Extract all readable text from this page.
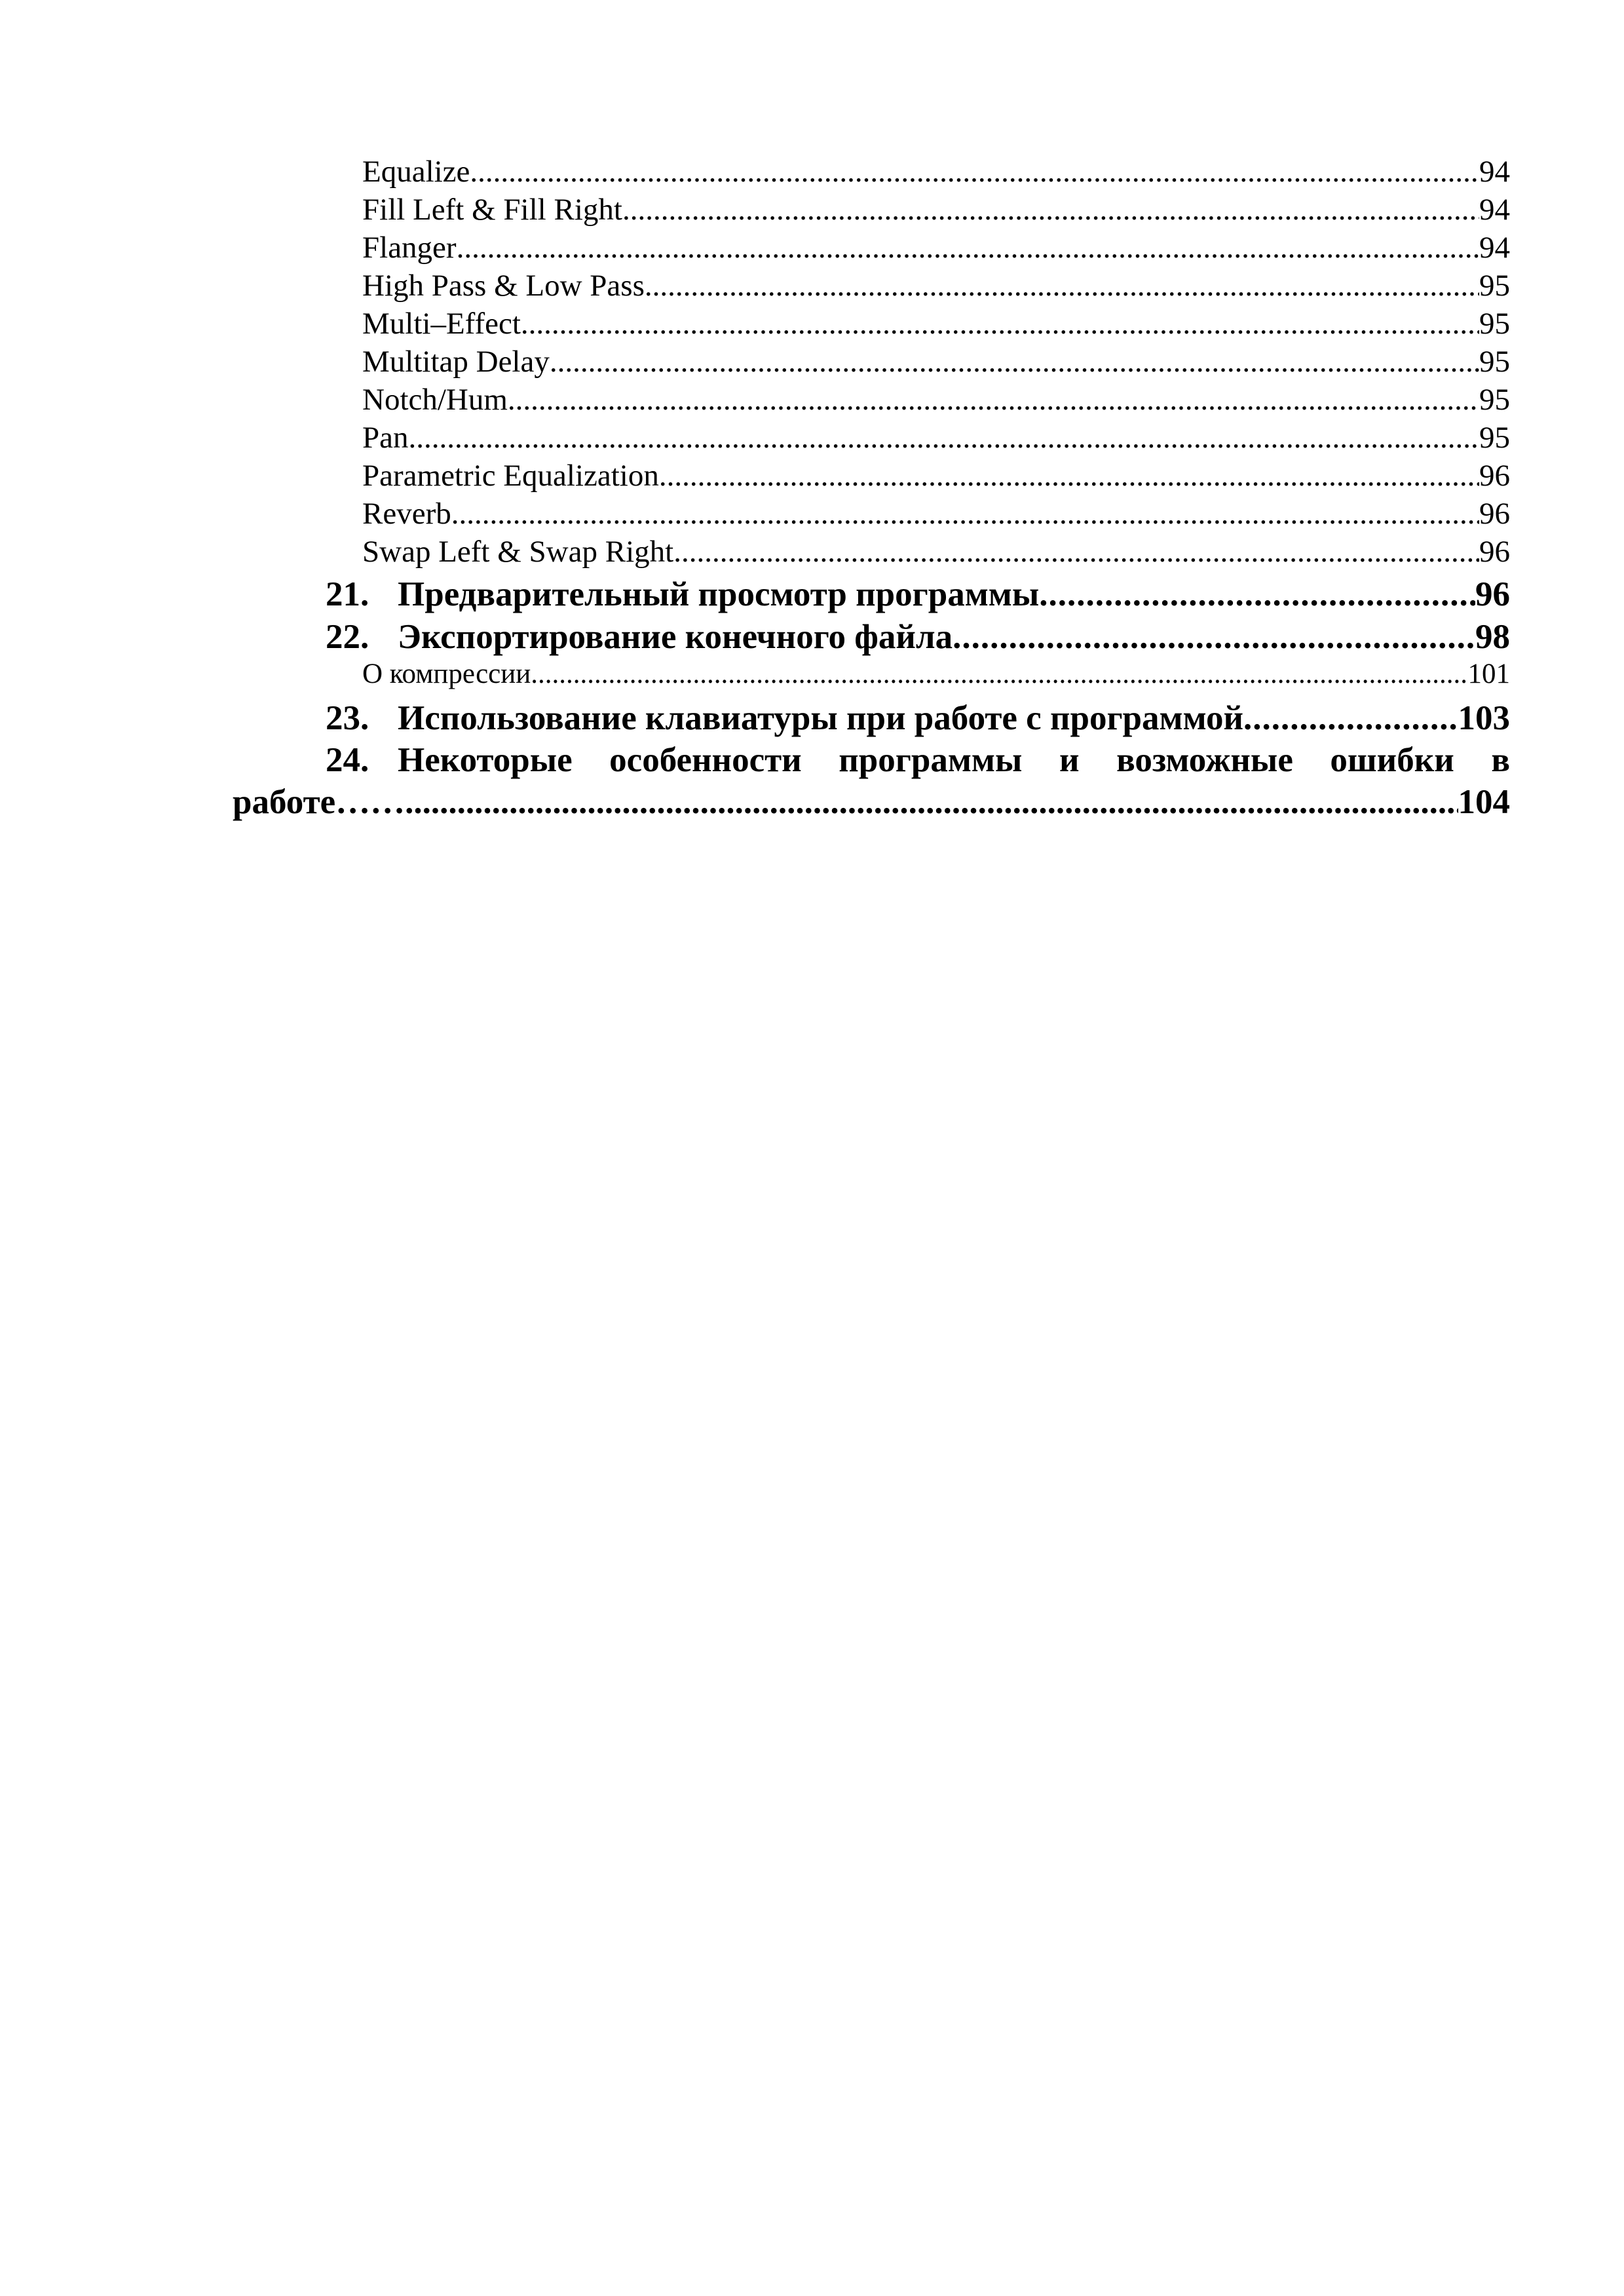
Equalize .....	94
Fill Left & Fill Right .....	94
Flanger .....	94
High Pass & Low Pass .....	95
Multi–Effect .....	95
Multitap Delay .....	95
Notch/Hum .....	95
Pan .....	95
Parametric Equalization .....	96
Reverb .....	96
Swap Left & Swap Right .....	96
21. Предварительный просмотр программы .....	96
22. Экспортирование конечного файла .....	98
О компрессии .....	101
23. Использование клавиатуры при работе с программой .....	103
24. Некоторые особенности программы и возможные ошибки в
работе…… .....	104
